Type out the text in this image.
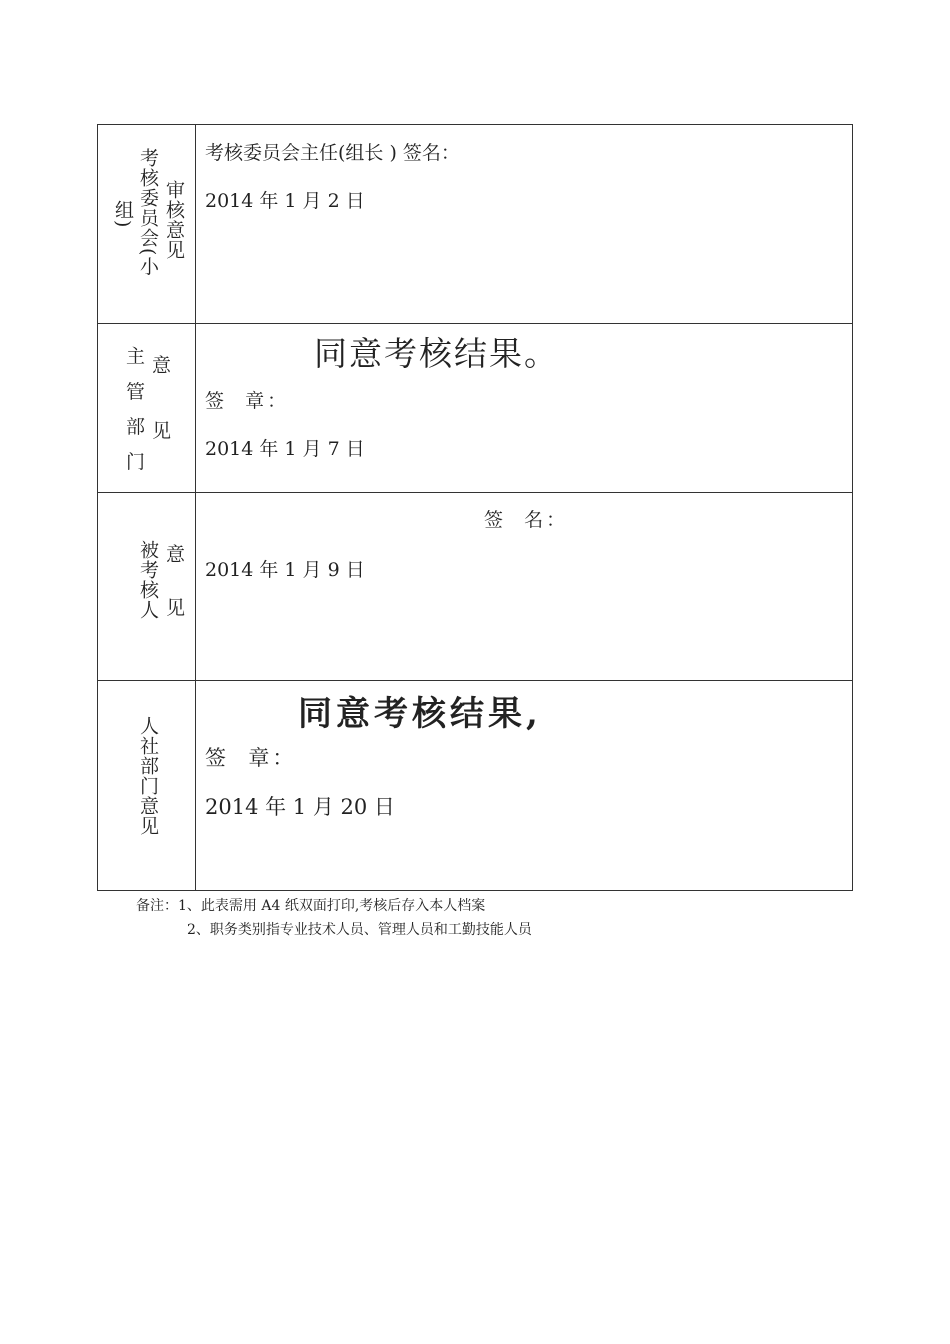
审核意见
考核委员会(小
组)
考核委员会主任(组长 ) 签名：
2014 年 1 月 2 日
意 见
主 管 部 门	同意考核结果。
签  章：
2014 年 1 月 7 日
意 见
被考核人
签  名：
2014 年 1 月 9 日
人社部门意见
同意考核结果,
签  章：
2014 年 1 月 20 日
备注：1、此表需用 A4 纸双面打印,考核后存入本人档案
2、职务类别指专业技术人员、管理人员和工勤技能人员
